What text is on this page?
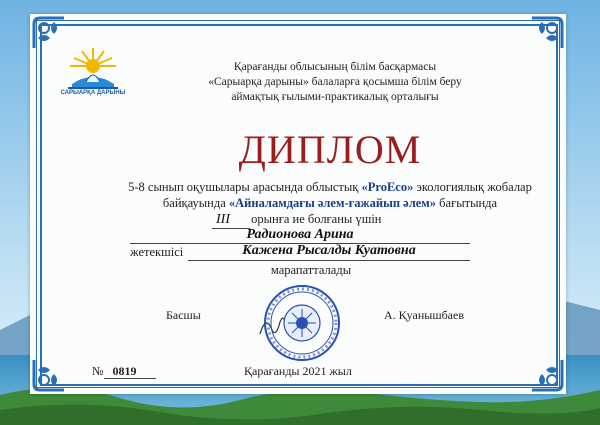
САРЫАРҚА ДАРЫНЫ
Қарағанды облысының білім басқармасы
«Сарыарқа дарыны» балаларға қосымша білім беру
аймақтық ғылыми-практикалық орталығы
ДИПЛОМ
5-8 сынып оқушылары арасында облыстық «ProEco» экологиялық жобалар
байқауында «Айналамдағы әлем-ғажайып әлем» бағытында
III орынға ие болғаны үшін
Радионова Арина
жетекшісі	Кажена Рысалды Куатовна
марапатталады
Басшы	А. Қуанышбаев
№ 0819	Қарағанды 2021 жыл
